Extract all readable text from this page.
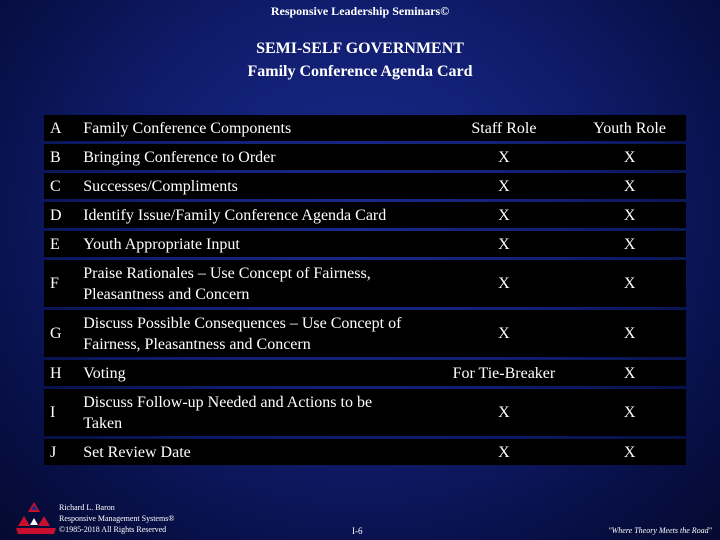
Responsive Leadership Seminars©
SEMI-SELF GOVERNMENT
Family Conference Agenda Card
A	Family Conference Components	Staff Role	Youth Role
B	Bringing Conference to Order	X	X
C	Successes/Compliments	X	X
D	Identify Issue/Family Conference Agenda Card	X	X
E	Youth Appropriate Input	X	X
F	Praise Rationales – Use Concept of Fairness,
Pleasantness and Concern	X	X
G	Discuss Possible Consequences – Use Concept of
Fairness, Pleasantness and Concern	X	X
H	Voting	For Tie-Breaker	X
I	Discuss Follow-up Needed and Actions to be
Taken	X	X
J	Set Review Date	X	X
Richard L. Baron
Responsive Management Systems®
©1985-2018 All Rights Reserved	I-6	"Where Theory Meets the Road"
